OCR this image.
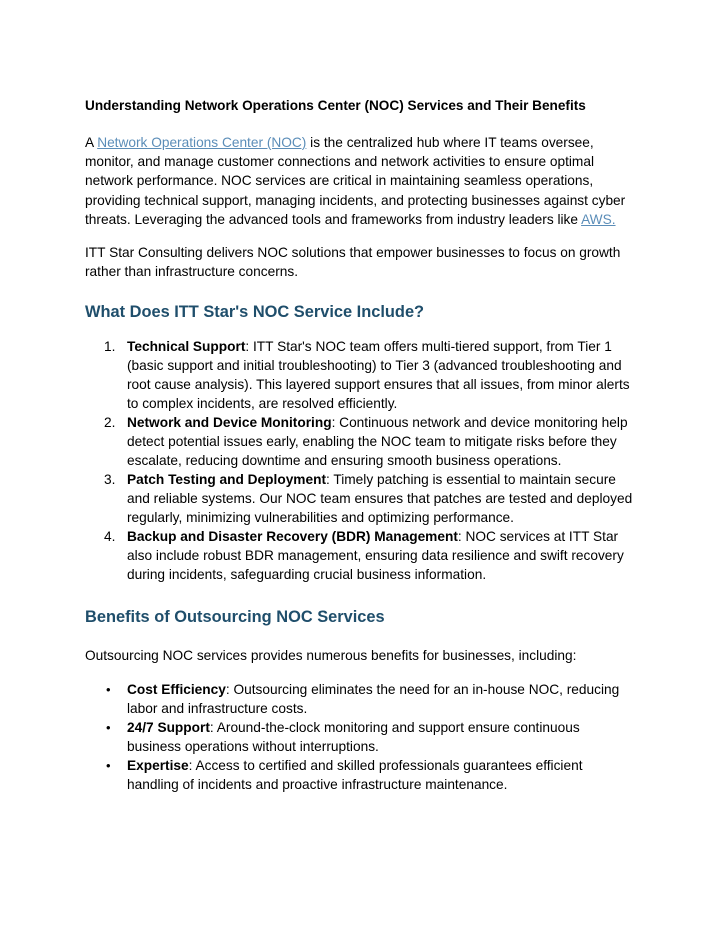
Understanding Network Operations Center (NOC) Services and Their Benefits

A Network Operations Center (NOC) is the centralized hub where IT teams oversee, monitor, and manage customer connections and network activities to ensure optimal network performance. NOC services are critical in maintaining seamless operations, providing technical support, managing incidents, and protecting businesses against cyber threats. Leveraging the advanced tools and frameworks from industry leaders like AWS.

ITT Star Consulting delivers NOC solutions that empower businesses to focus on growth rather than infrastructure concerns.

What Does ITT Star's NOC Service Include?
1. Technical Support: ITT Star's NOC team offers multi-tiered support, from Tier 1 (basic support and initial troubleshooting) to Tier 3 (advanced troubleshooting and root cause analysis). This layered support ensures that all issues, from minor alerts to complex incidents, are resolved efficiently.
2. Network and Device Monitoring: Continuous network and device monitoring help detect potential issues early, enabling the NOC team to mitigate risks before they escalate, reducing downtime and ensuring smooth business operations.
3. Patch Testing and Deployment: Timely patching is essential to maintain secure and reliable systems. Our NOC team ensures that patches are tested and deployed regularly, minimizing vulnerabilities and optimizing performance.
4. Backup and Disaster Recovery (BDR) Management: NOC services at ITT Star also include robust BDR management, ensuring data resilience and swift recovery during incidents, safeguarding crucial business information.
Benefits of Outsourcing NOC Services

Outsourcing NOC services provides numerous benefits for businesses, including:

• Cost Efficiency: Outsourcing eliminates the need for an in-house NOC, reducing labor and infrastructure costs.
• 24/7 Support: Around-the-clock monitoring and support ensure continuous business operations without interruptions.
• Expertise: Access to certified and skilled professionals guarantees efficient handling of incidents and proactive infrastructure maintenance.
